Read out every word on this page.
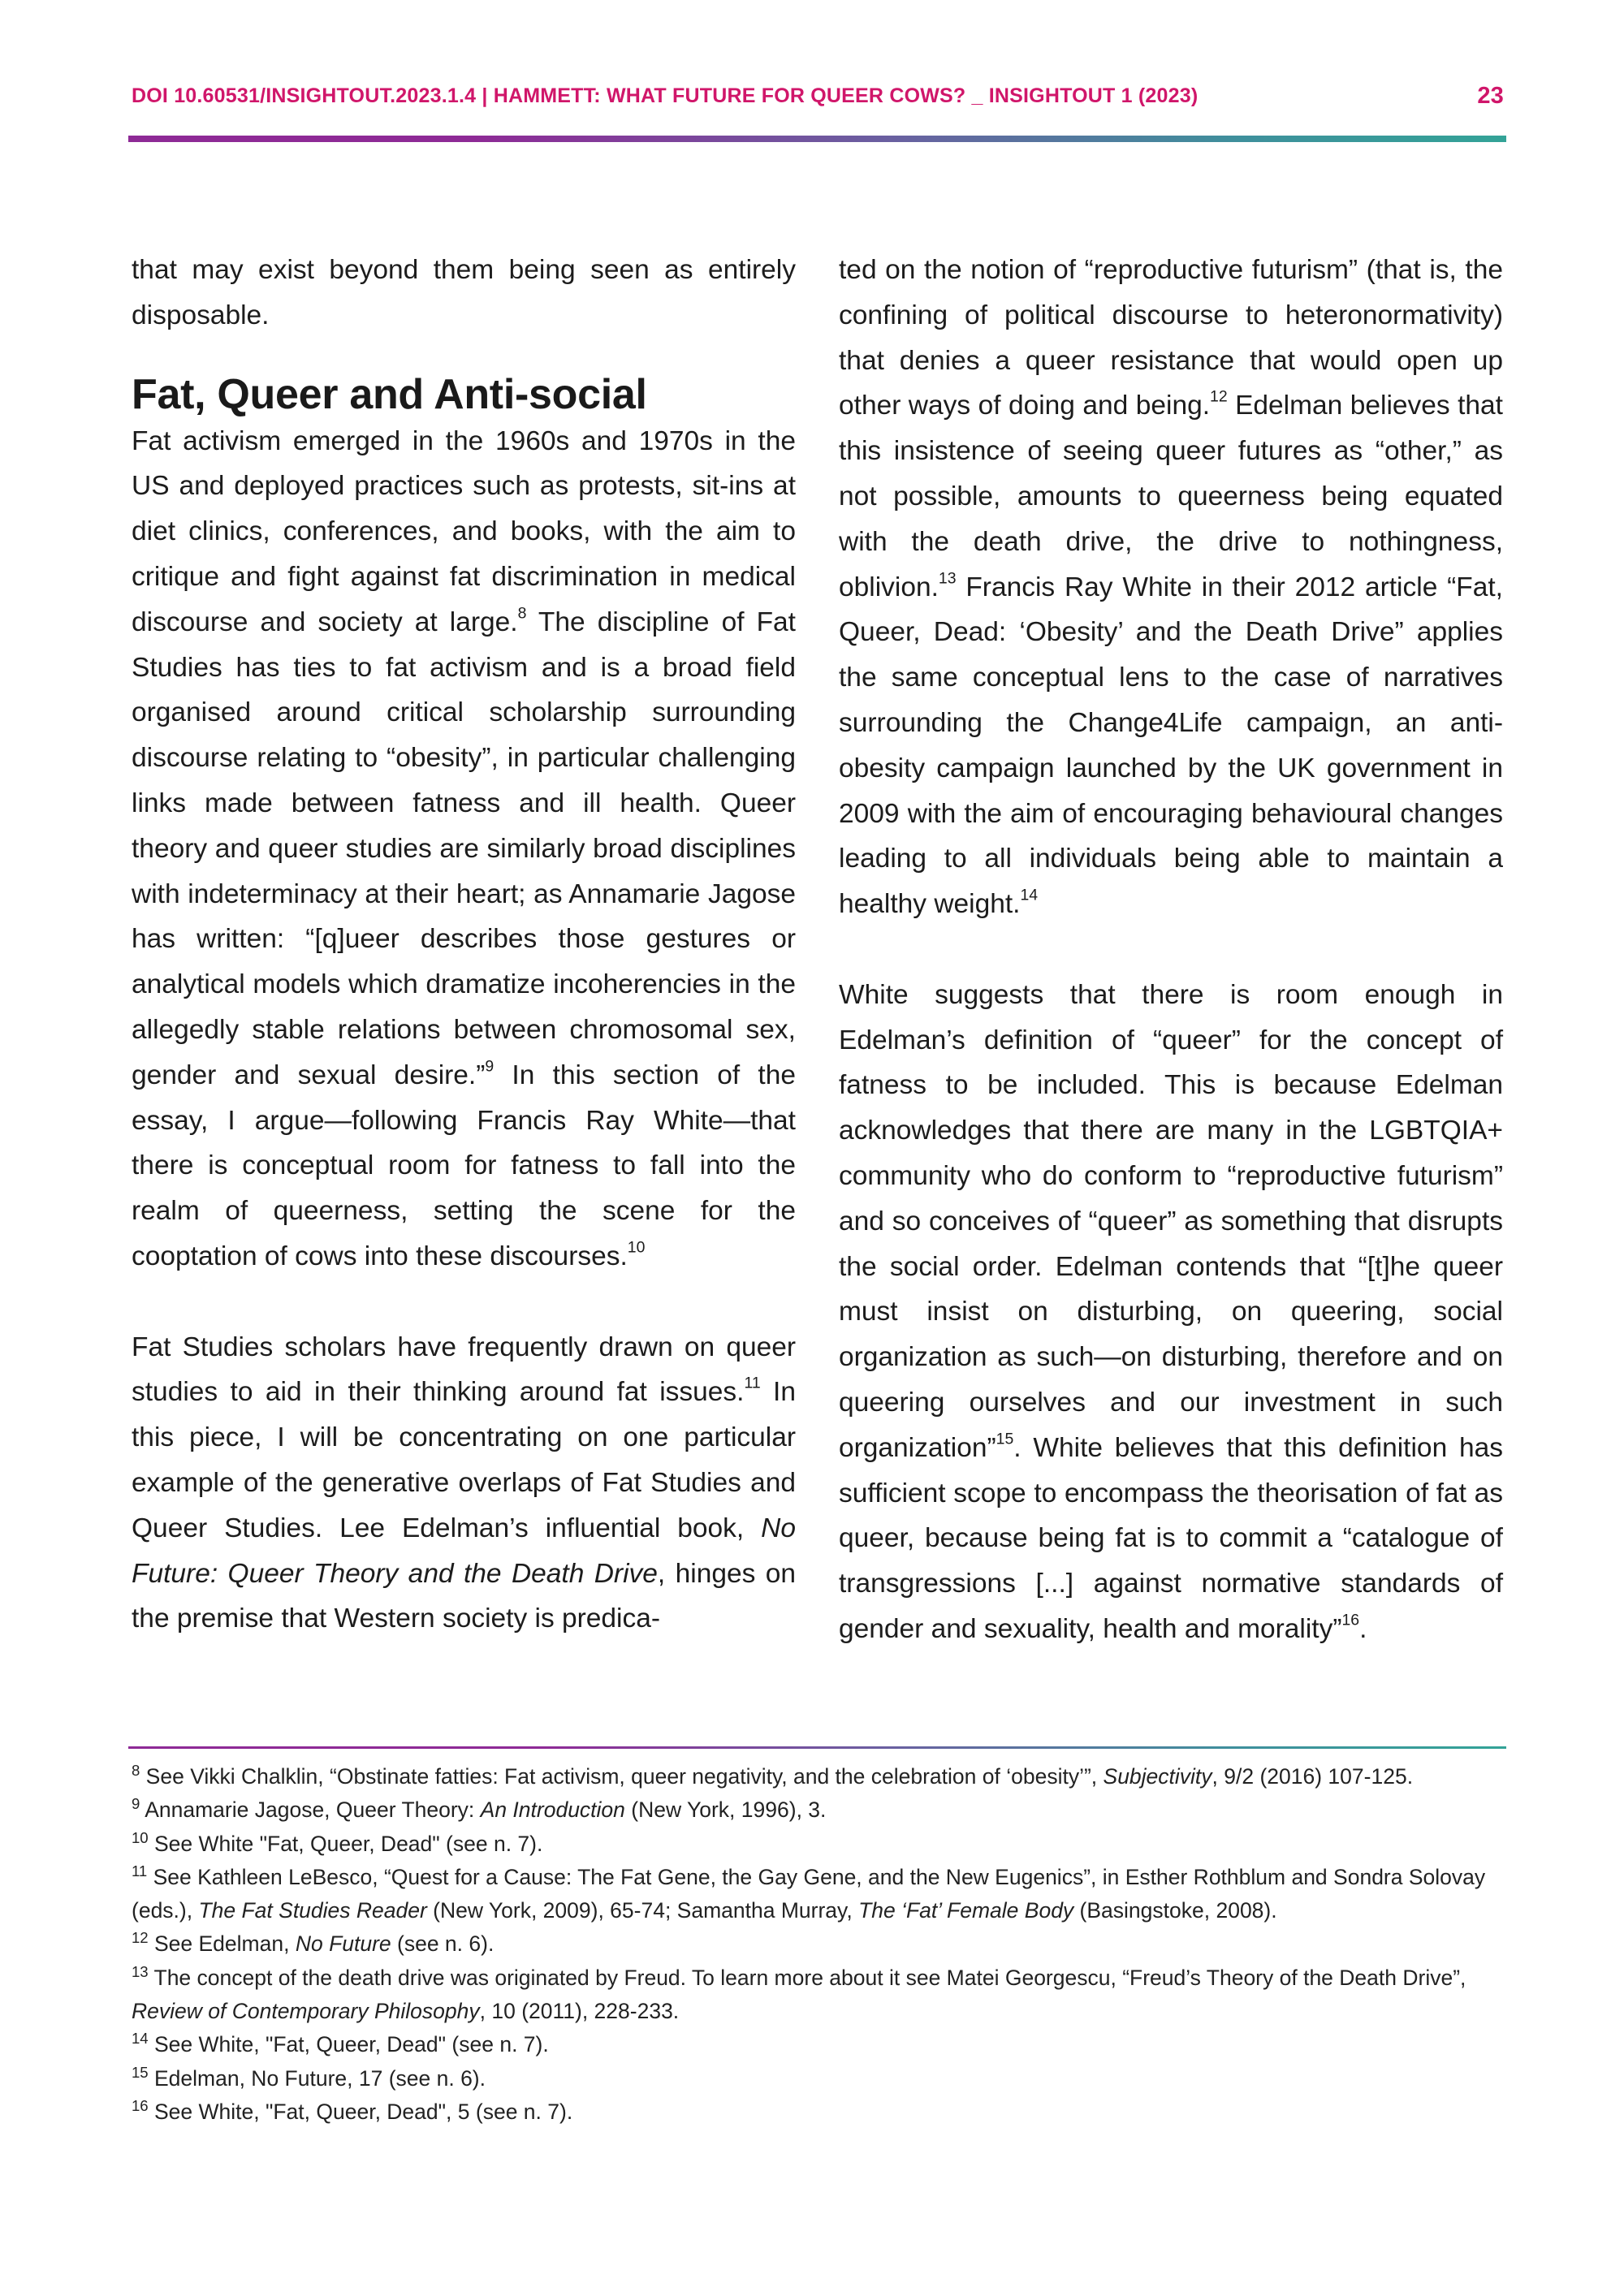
DOI 10.60531/INSIGHTOUT.2023.1.4 | HAMMETT: WHAT FUTURE FOR QUEER COWS? _ INSIGHTOUT 1 (2023)	23

that may exist beyond them being seen as entirely disposable.

Fat, Queer and Anti-social

Fat activism emerged in the 1960s and 1970s in the US and deployed practices such as protests, sit-ins at diet clinics, conferences, and books, with the aim to critique and fight against fat discrimination in medical discourse and society at large.$^8$ The discipline of Fat Studies has ties to fat activism and is a broad field organised around critical scholarship surrounding discourse relating to “obesity”, in particular challenging links made between fatness and ill health. Queer theory and queer studies are similarly broad disciplines with indeterminacy at their heart; as Annamarie Jagose has written: “[q]ueer describes those gestures or analytical models which dramatize incoherencies in the allegedly stable relations between chromosomal sex, gender and sexual desire.”$^9$ In this section of the essay, I argue—following Francis Ray White—that there is conceptual room for fatness to fall into the realm of queerness, setting the scene for the cooptation of cows into these discourses.$^{10}$

Fat Studies scholars have frequently drawn on queer studies to aid in their thinking around fat issues.$^{11}$ In this piece, I will be concentrating on one particular example of the generative overlaps of Fat Studies and Queer Studies. Lee Edelman’s influential book, No Future: Queer Theory and the Death Drive, hinges on the premise that Western society is predica-

ted on the notion of “reproductive futurism” (that is, the confining of political discourse to heteronormativity) that denies a queer resistance that would open up other ways of doing and being.$^{12}$ Edelman believes that this insistence of seeing queer futures as “other,” as not possible, amounts to queerness being equated with the death drive, the drive to nothingness, oblivion.$^{13}$ Francis Ray White in their 2012 article “Fat, Queer, Dead: ‘Obesity’ and the Death Drive” applies the same conceptual lens to the case of narratives surrounding the Change4Life campaign, an anti-obesity campaign launched by the UK government in 2009 with the aim of encouraging behavioural changes leading to all individuals being able to maintain a healthy weight.$^{14}$

White suggests that there is room enough in Edelman’s definition of “queer” for the concept of fatness to be included. This is because Edelman acknowledges that there are many in the LGBTQIA+ community who do conform to “reproductive futurism” and so conceives of “queer” as something that disrupts the social order. Edelman contends that “[t]he queer must insist on disturbing, on queering, social organization as such—on disturbing, therefore and on queering ourselves and our investment in such organization”$^{15}$. White believes that this definition has sufficient scope to encompass the theorisation of fat as queer, because being fat is to commit a “catalogue of transgressions [...] against normative standards of gender and sexuality, health and morality”$^{16}$.

$^8$ See Vikki Chalklin, “Obstinate fatties: Fat activism, queer negativity, and the celebration of ‘obesity’”, Subjectivity, 9/2 (2016) 107-125.

$^9$ Annamarie Jagose, Queer Theory: An Introduction (New York, 1996), 3.

$^{10}$ See White "Fat, Queer, Dead" (see n. 7).

$^{11}$ See Kathleen LeBesco, “Quest for a Cause: The Fat Gene, the Gay Gene, and the New Eugenics”, in Esther Rothblum and Sondra Solovay (eds.), The Fat Studies Reader (New York, 2009), 65-74; Samantha Murray, The ‘Fat’ Female Body (Basingstoke, 2008).

$^{12}$ See Edelman, No Future (see n. 6).

$^{13}$ The concept of the death drive was originated by Freud. To learn more about it see Matei Georgescu, “Freud’s Theory of the Death Drive”, Review of Contemporary Philosophy, 10 (2011), 228-233.

$^{14}$ See White, "Fat, Queer, Dead" (see n. 7).

$^{15}$ Edelman, No Future, 17 (see n. 6).

$^{16}$ See White, "Fat, Queer, Dead", 5 (see n. 7).
